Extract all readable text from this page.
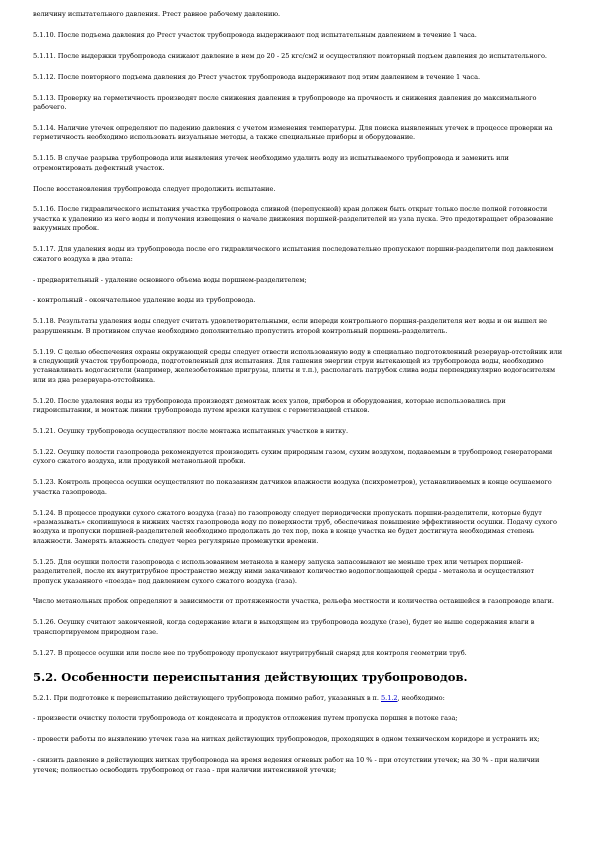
величину испытательного давления. Ртест равное рабочему давлению.

5.1.10. После подъема давления до Ртест участок трубопровода выдерживают под испытательным давлением в течение 1 часа.

5.1.11. После выдержки трубопровода снижают давление в нем до 20 - 25 кгс/см2 и осуществляют повторный подъем давления до испытательного.

5.1.12. После повторного подъема давления до Ртест участок трубопровода выдерживают под этим давлением в течение 1 часа.

5.1.13. Проверку на герметичность производят после снижения давления в трубопроводе на прочность и снижения давления до максимального рабочего.

5.1.14. Наличие утечек определяют по падению давления с учетом изменения температуры. Для поиска выявленных утечек в процессе проверки на герметичность необходимо использовать визуальные методы, а также специальные приборы и оборудование.

5.1.15. В случае разрыва трубопровода или выявления утечек необходимо удалить воду из испытываемого трубопровода и заменить или отремонтировать дефектный участок.

После восстановления трубопровода следует продолжить испытание.

5.1.16. После гидравлического испытания участка трубопровода сливной (перепускной) кран должен быть открыт только после полной готовности участка к удалению из него воды и получения извещения о начале движения поршней-разделителей из узла пуска. Это предотвращает образование вакуумных пробок.

5.1.17. Для удаления воды из трубопровода после его гидравлического испытания последовательно пропускают поршни-разделители под давлением сжатого воздуха в два этапа:

- предварительный - удаление основного объема воды поршнем-разделителем;

- контрольный - окончательное удаление воды из трубопровода.

5.1.18. Результаты удаления воды следует считать удовлетворительными, если впереди контрольного поршня-разделителя нет воды и он вышел не разрушенным. В противном случае необходимо дополнительно пропустить второй контрольный поршень-разделитель.

5.1.19. С целью обеспечения охраны окружающей среды следует отвести использованную воду в специально подготовленный резервуар-отстойник или в следующий участок трубопровода, подготовленный для испытания. Для гашения энергии струи вытекающей из трубопровода воды, необходимо устанавливать водогасители (например, железобетонные пригрузы, плиты и т.п.), располагать патрубок слива воды перпендикулярно водогасителям или из дна резервуара-отстойника.

5.1.20. После удаления воды из трубопровода производят демонтаж всех узлов, приборов и оборудования, которые использовались при гидроиспытании, и монтаж линии трубопровода путем врезки катушек с герметизацией стыков.

5.1.21. Осушку трубопровода осуществляют после монтажа испытанных участков в нитку.

5.1.22. Осушку полости газопровода рекомендуется производить сухим природным газом, сухим воздухом, подаваемым в трубопровод генераторами сухого сжатого воздуха, или продувкой метанольной пробки.

5.1.23. Контроль процесса осушки осуществляют по показаниям датчиков влажности воздуха (психрометров), устанавливаемых в конце осушаемого участка газопровода.

5.1.24. В процессе продувки сухого сжатого воздуха (газа) по газопроводу следует периодически пропускать поршни-разделители, которые будут «размазывать» скопившуюся в нижних частях газопровода воду по поверхности труб, обеспечивая повышение эффективности осушки. Подачу сухого воздуха и пропуски поршней-разделителей необходимо продолжать до тех пор, пока в конце участка не будет достигнута необходимая степень влажности. Замерять влажность следует через регулярные промежутки времени.

5.1.25. Для осушки полости газопровода с использованием метанола в камеру запуска запасовывают не меньше трех или четырех поршней-разделителей, после их внутритрубное пространство между ними закачивают количество водопоглощающей среды - метанола и осуществляют пропуск указанного «поезда» под давлением сухого сжатого воздуха (газа).

Число метанольных пробок определяют в зависимости от протяженности участка, рельефа местности и количества оставшейся в газопроводе влаги.

5.1.26. Осушку считают законченной, когда содержание влаги в выходящем из трубопровода воздухе (газе), будет не выше содержания влаги в транспортируемом природном газе.

5.1.27. В процессе осушки или после нее по трубопроводу пропускают внутритрубный снаряд для контроля геометрии труб.

5.2. Особенности переиспытания действующих трубопроводов.

5.2.1. При подготовке к переиспытанию действующего трубопровода помимо работ, указанных в п. 5.1.2, необходимо:

- произвести очистку полости трубопровода от конденсата и продуктов отложения путем пропуска поршня в потоке газа;

- провести работы по выявлению утечек газа на нитках действующих трубопроводов, проходящих в одном техническом коридоре и устранить их;

- снизить давление в действующих нитках трубопровода на время ведения огневых работ на 10 % - при отсутствии утечек; на 30 % - при наличии утечек; полностью освободить трубопровод от газа - при наличии интенсивной утечки;
